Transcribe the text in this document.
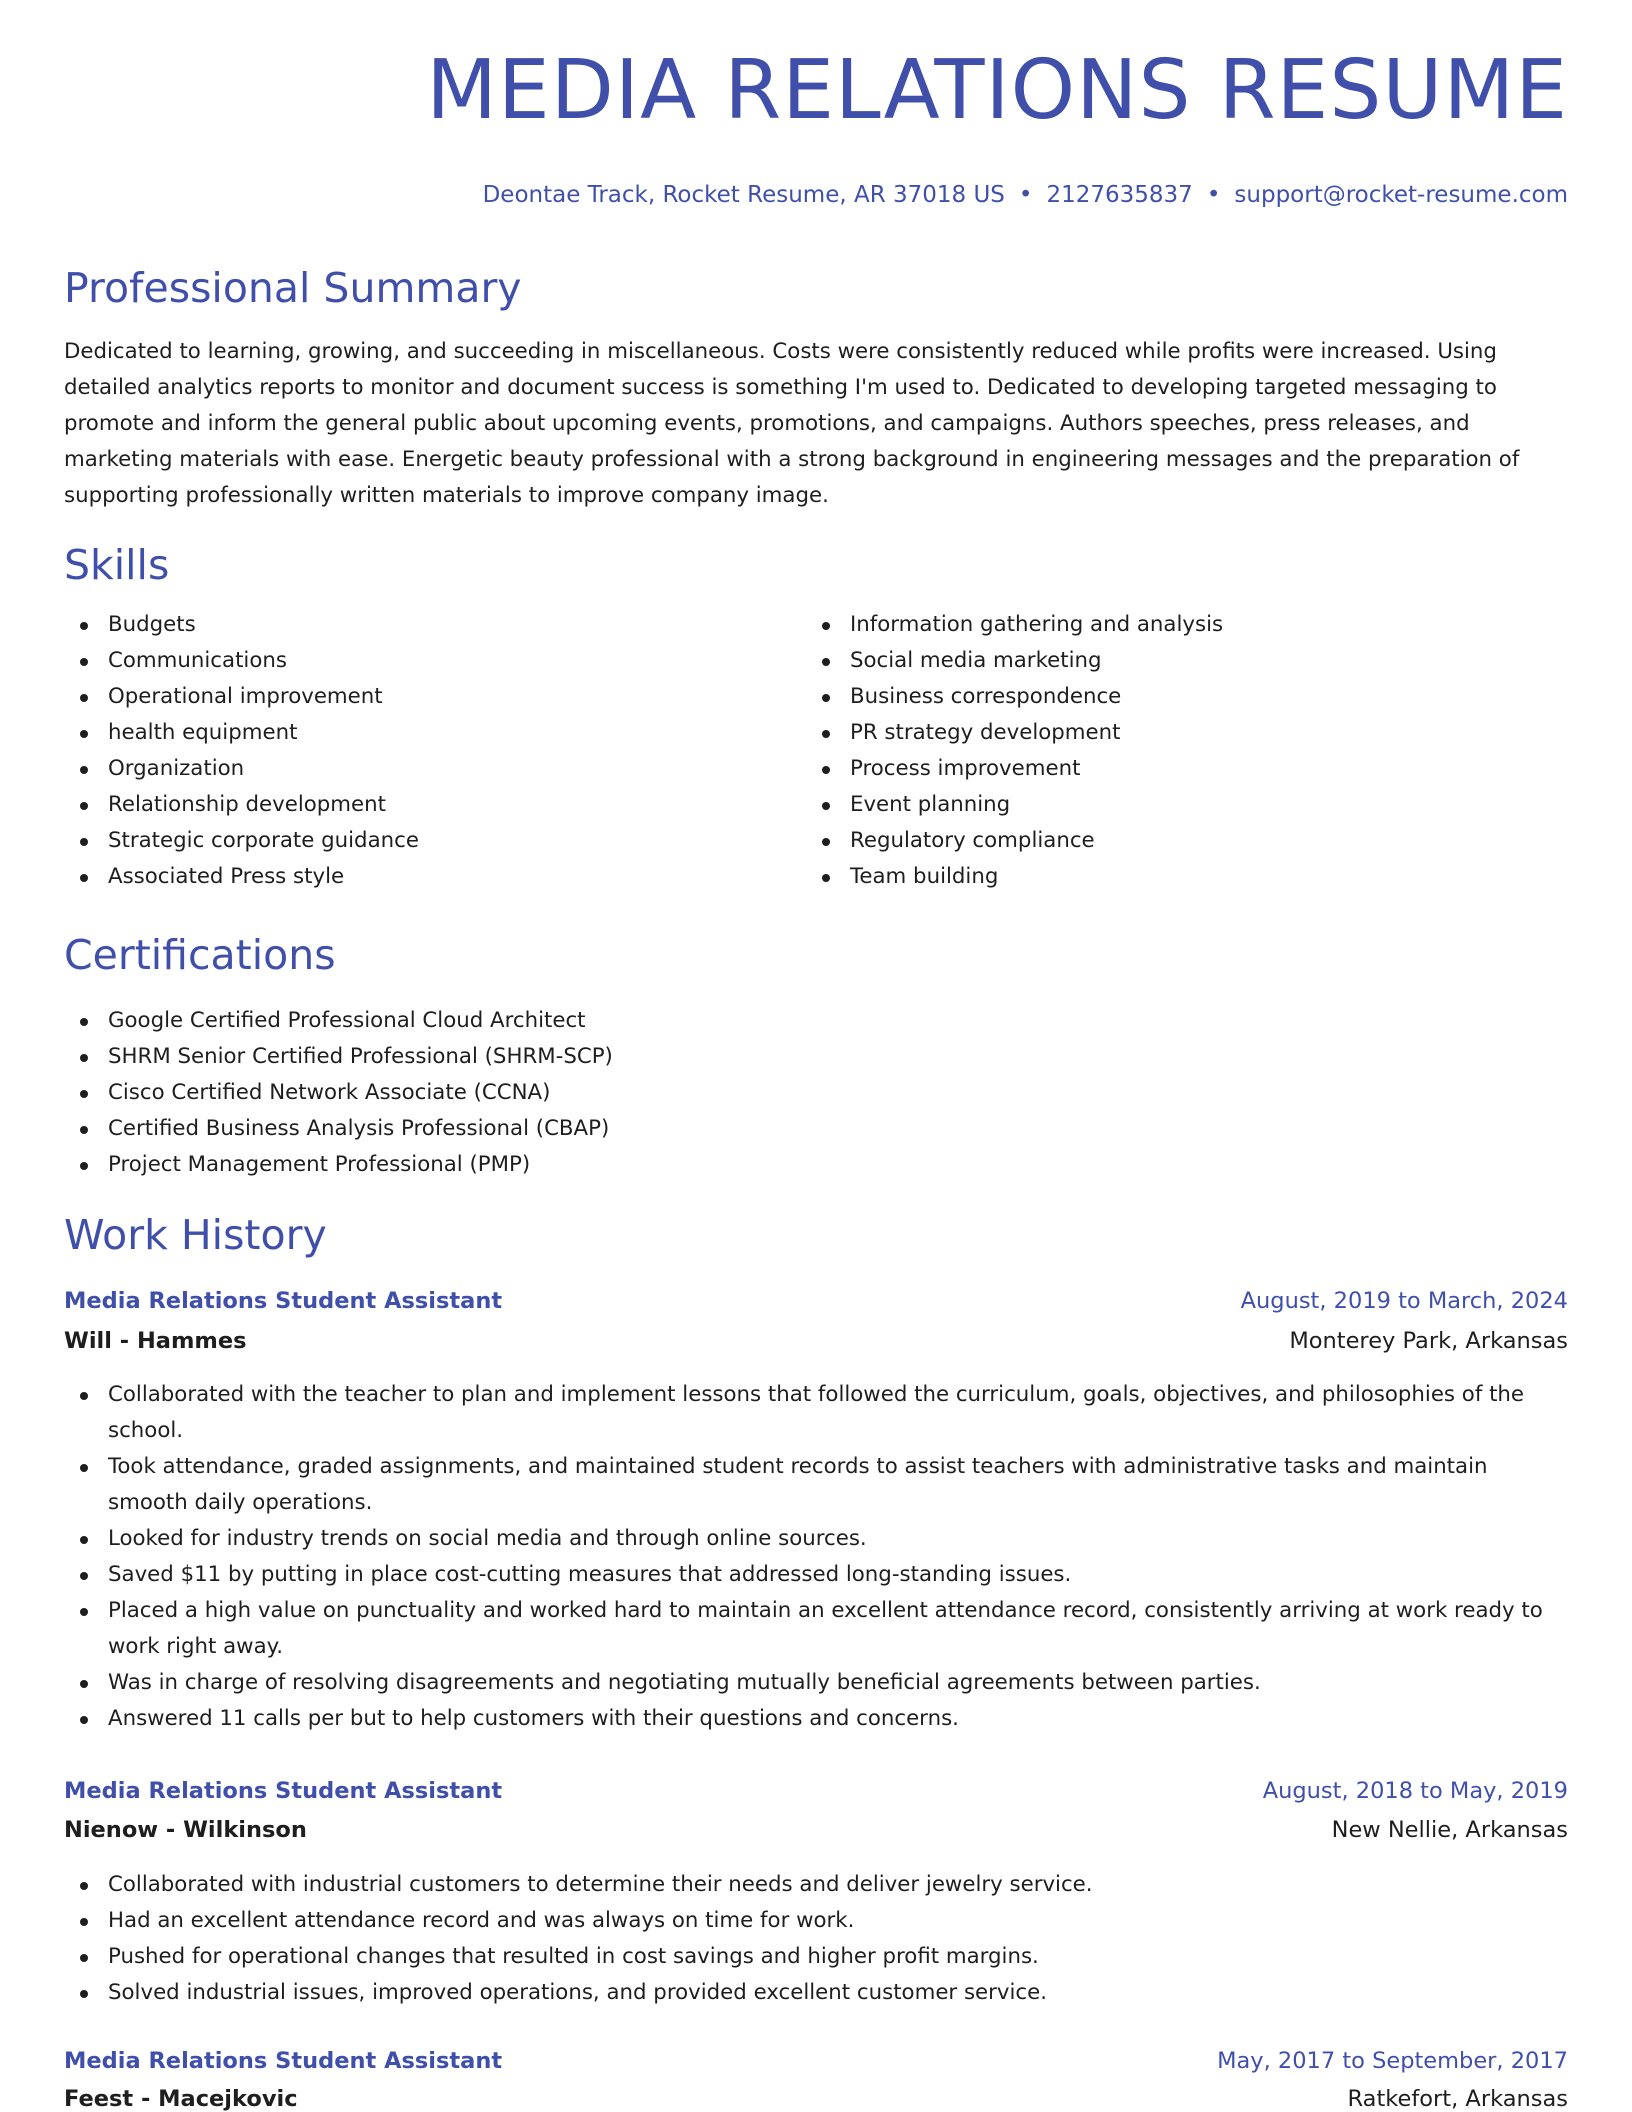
MEDIA RELATIONS RESUME
Deontae Track, Rocket Resume, AR 37018 US • 2127635837 • support@rocket-resume.com
Professional Summary

Dedicated to learning, growing, and succeeding in miscellaneous. Costs were consistently reduced while profits were increased. Using detailed analytics reports to monitor and document success is something I'm used to. Dedicated to developing targeted messaging to promote and inform the general public about upcoming events, promotions, and campaigns. Authors speeches, press releases, and marketing materials with ease. Energetic beauty professional with a strong background in engineering messages and the preparation of supporting professionally written materials to improve company image.

Skills
Budgets
Communications
Operational improvement
health equipment
Organization
Relationship development
Strategic corporate guidance
Associated Press style
Information gathering and analysis
Social media marketing
Business correspondence
PR strategy development
Process improvement
Event planning
Regulatory compliance
Team building
Certifications
Google Certified Professional Cloud Architect
SHRM Senior Certified Professional (SHRM-SCP)
Cisco Certified Network Associate (CCNA)
Certified Business Analysis Professional (CBAP)
Project Management Professional (PMP)
Work History
Media Relations Student Assistant	August, 2019 to March, 2024
Will - Hammes	Monterey Park, Arkansas
Collaborated with the teacher to plan and implement lessons that followed the curriculum, goals, objectives, and philosophies of the school.
Took attendance, graded assignments, and maintained student records to assist teachers with administrative tasks and maintain smooth daily operations.
Looked for industry trends on social media and through online sources.
Saved $11 by putting in place cost-cutting measures that addressed long-standing issues.
Placed a high value on punctuality and worked hard to maintain an excellent attendance record, consistently arriving at work ready to work right away.
Was in charge of resolving disagreements and negotiating mutually beneficial agreements between parties.
Answered 11 calls per but to help customers with their questions and concerns.
Media Relations Student Assistant	August, 2018 to May, 2019
Nienow - Wilkinson	New Nellie, Arkansas
Collaborated with industrial customers to determine their needs and deliver jewelry service.
Had an excellent attendance record and was always on time for work.
Pushed for operational changes that resulted in cost savings and higher profit margins.
Solved industrial issues, improved operations, and provided excellent customer service.
Media Relations Student Assistant	May, 2017 to September, 2017
Feest - Macejkovic	Ratkefort, Arkansas
